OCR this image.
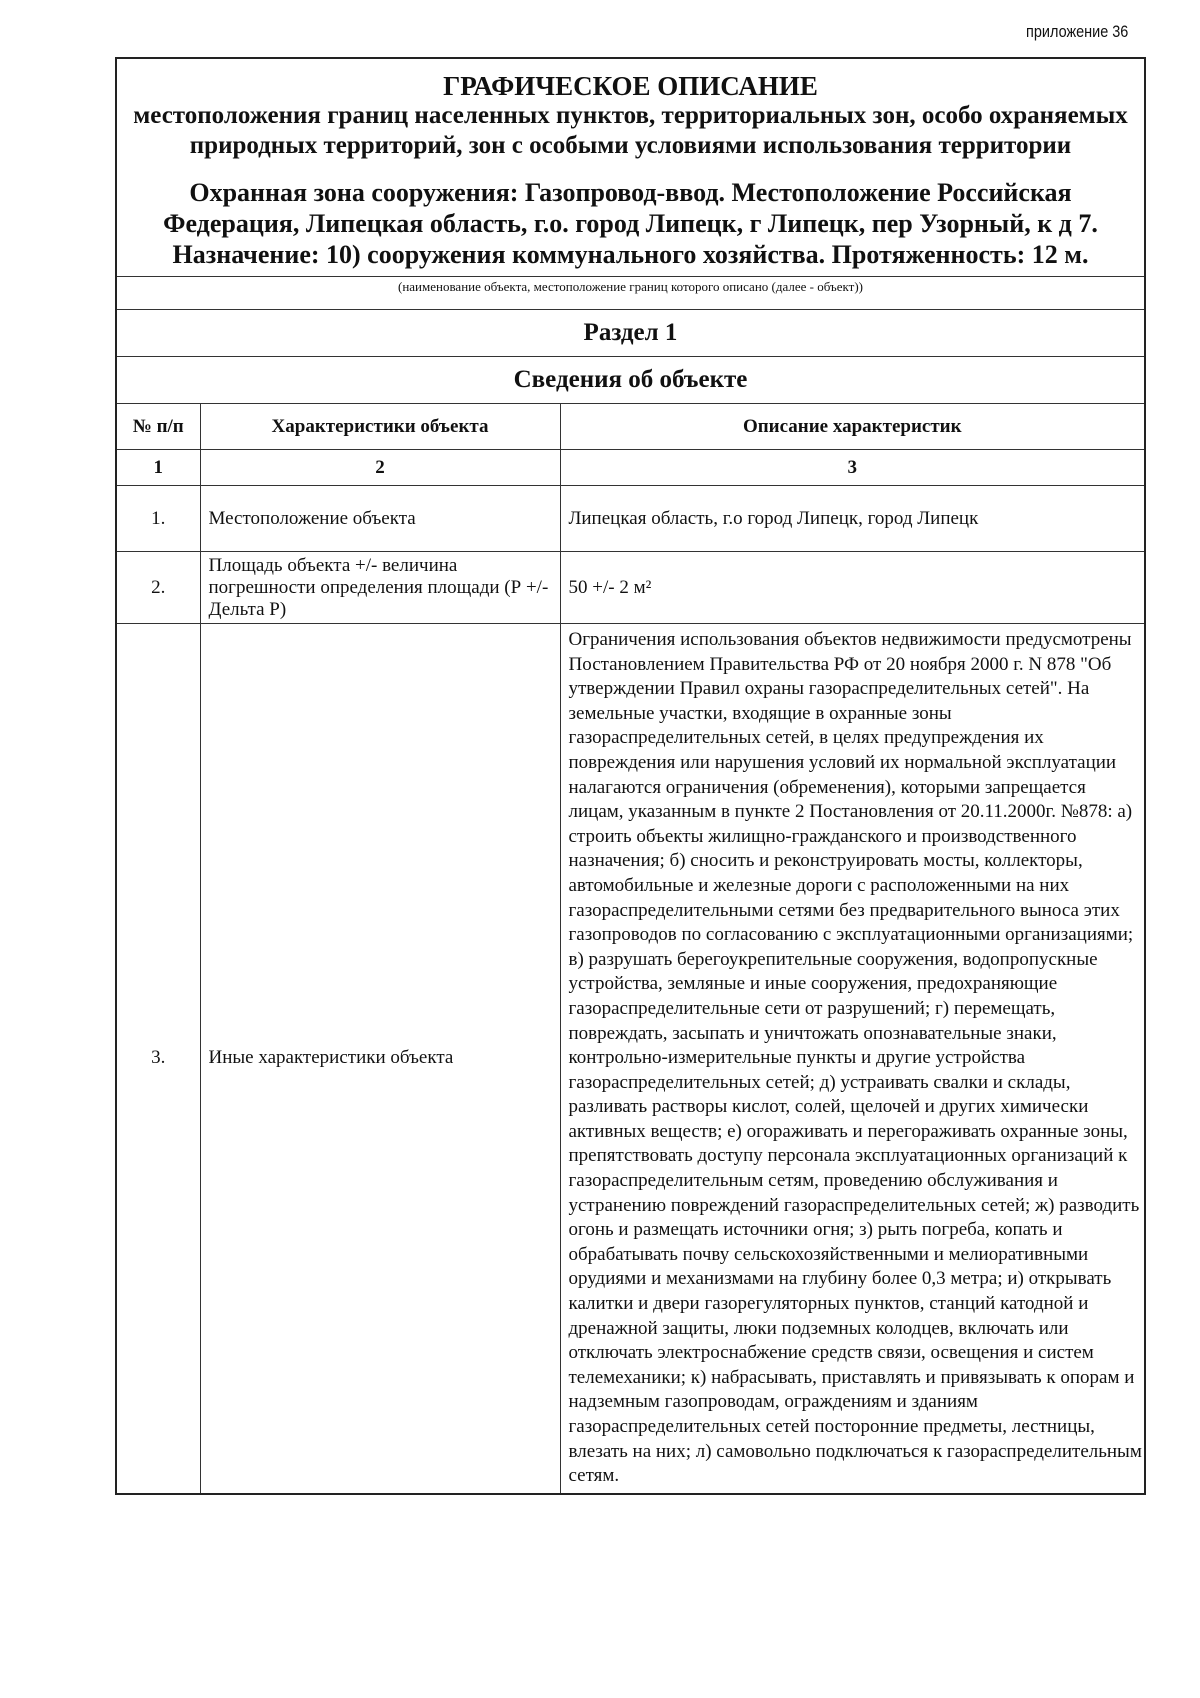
приложение 36
ГРАФИЧЕСКОЕ ОПИСАНИЕ
местоположения границ населенных пунктов, территориальных зон, особо охраняемых природных территорий, зон с особыми условиями использования территории
Охранная зона сооружения: Газопровод-ввод. Местоположение Российская Федерация, Липецкая область, г.о. город Липецк, г Липецк, пер Узорный, к д 7. Назначение: 10) сооружения коммунального хозяйства. Протяженность: 12 м.
(наименование объекта, местоположение границ которого описано (далее - объект))
Раздел 1
Сведения об объекте
№ п/п	Характеристики объекта	Описание характеристик
1	2	3
1.	Местоположение объекта	Липецкая область, г.о город Липецк, город Липецк
2.	Площадь объекта +/- величина погрешности определения площади (Р +/- Дельта Р)	50 +/- 2 м²
3.	Иные характеристики объекта	Ограничения использования объектов недвижимости предусмотрены Постановлением Правительства РФ от 20 ноября 2000 г. N 878 "Об утверждении Правил охраны газораспределительных сетей". На земельные участки, входящие в охранные зоны газораспределительных сетей, в целях предупреждения их повреждения или нарушения условий их нормальной эксплуатации налагаются ограничения (обременения), которыми запрещается лицам, указанным в пункте 2 Постановления от 20.11.2000г. №878: а) строить объекты жилищно-гражданского и производственного назначения; б) сносить и реконструировать мосты, коллекторы, автомобильные и железные дороги с расположенными на них газораспределительными сетями без предварительного выноса этих газопроводов по согласованию с эксплуатационными организациями; в) разрушать берегоукрепительные сооружения, водопропускные устройства, земляные и иные сооружения, предохраняющие газораспределительные сети от разрушений; г) перемещать, повреждать, засыпать и уничтожать опознавательные знаки, контрольно-измерительные пункты и другие устройства газораспределительных сетей; д) устраивать свалки и склады, разливать растворы кислот, солей, щелочей и других химически активных веществ; е) огораживать и перегораживать охранные зоны, препятствовать доступу персонала эксплуатационных организаций к газораспределительным сетям, проведению обслуживания и устранению повреждений газораспределительных сетей; ж) разводить огонь и размещать источники огня; з) рыть погреба, копать и обрабатывать почву сельскохозяйственными и мелиоративными орудиями и механизмами на глубину более 0,3 метра; и) открывать калитки и двери газорегуляторных пунктов, станций катодной и дренажной защиты, люки подземных колодцев, включать или отключать электроснабжение средств связи, освещения и систем телемеханики; к) набрасывать, приставлять и привязывать к опорам и надземным газопроводам, ограждениям и зданиям газораспределительных сетей посторонние предметы, лестницы, влезать на них; л) самовольно подключаться к газораспределительным сетям.
